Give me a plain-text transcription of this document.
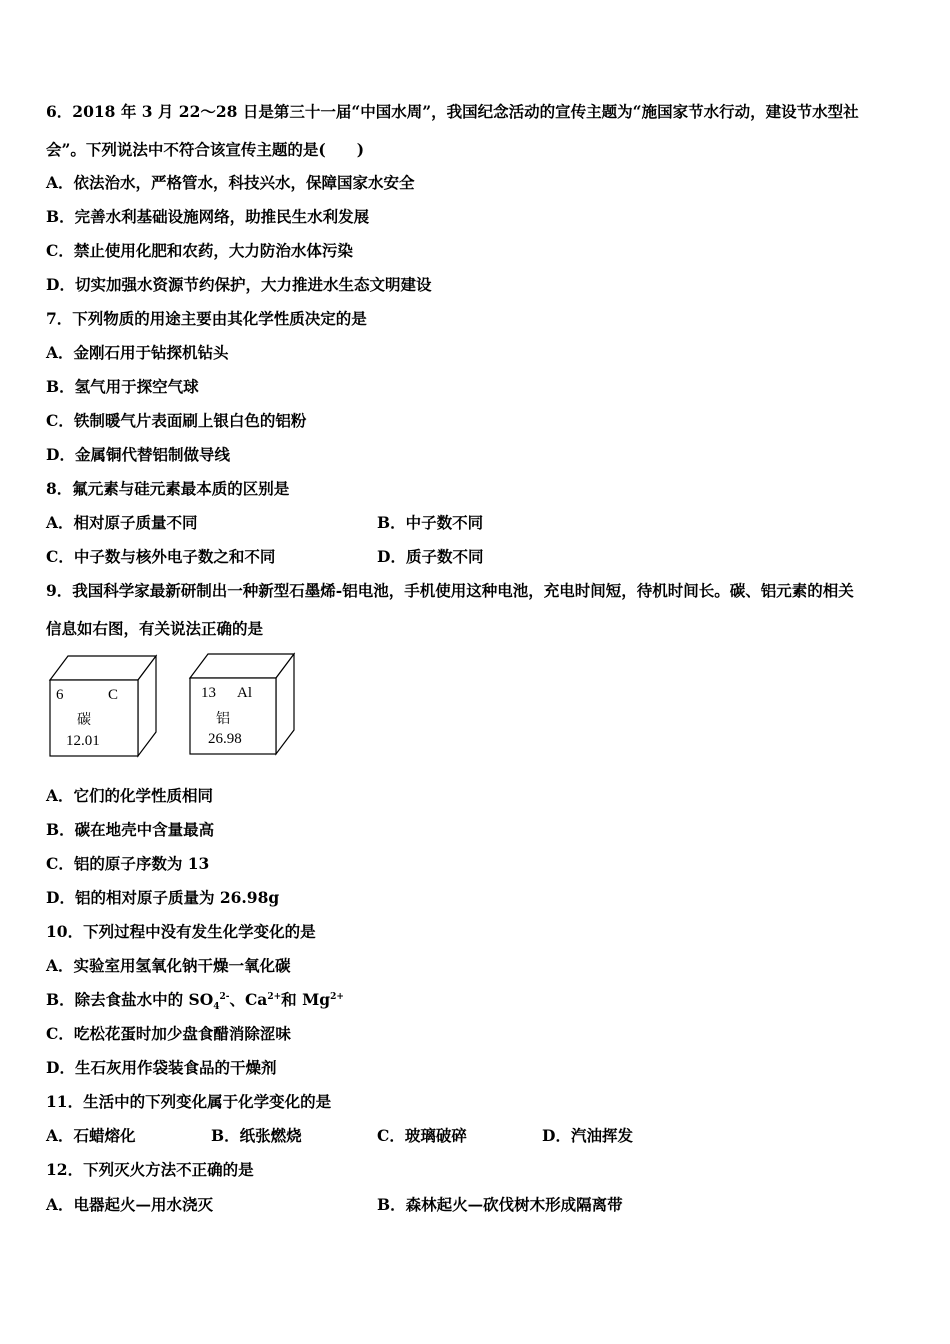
6．2018 年 3 月 22～28 日是第三十一届“中国水周”，我国纪念活动的宣传主题为“施国家节水行动，建设节水型社
会”。下列说法中不符合该宣传主题的是(　　)
A．依法治水，严格管水，科技兴水，保障国家水安全
B．完善水利基础设施网络，助推民生水利发展
C．禁止使用化肥和农药，大力防治水体污染
D．切实加强水资源节约保护，大力推进水生态文明建设
7．下列物质的用途主要由其化学性质决定的是
A．金刚石用于钻探机钻头
B．氢气用于探空气球
C．铁制暖气片表面刷上银白色的铝粉
D．金属铜代替铝制做导线
8．氟元素与硅元素最本质的区别是
A．相对原子质量不同	B．中子数不同
C．中子数与核外电子数之和不同	D．质子数不同
9．我国科学家最新研制出一种新型石墨烯-铝电池，手机使用这种电池，充电时间短，待机时间长。碳、铝元素的相关
信息如右图，有关说法正确的是
6	C
碳
12.01
13 Al
铝
26.98
A．它们的化学性质相同
B．碳在地壳中含量最高
C．铝的原子序数为 13
D．铝的相对原子质量为 26.98g
10．下列过程中没有发生化学变化的是
A．实验室用氢氧化钠干燥一氧化碳
B．除去食盐水中的 $SO_4^{2-}$、$Ca^{2+}$和 $Mg^{2+}$
C．吃松花蛋时加少盘食醋消除涩味
D．生石灰用作袋装食品的干燥剂
11．生活中的下列变化属于化学变化的是
A．石蜡熔化	B．纸张燃烧	C．玻璃破碎	D．汽油挥发
12．下列灭火方法不正确的是
A．电器起火—用水浇灭	B．森林起火—砍伐树木形成隔离带
